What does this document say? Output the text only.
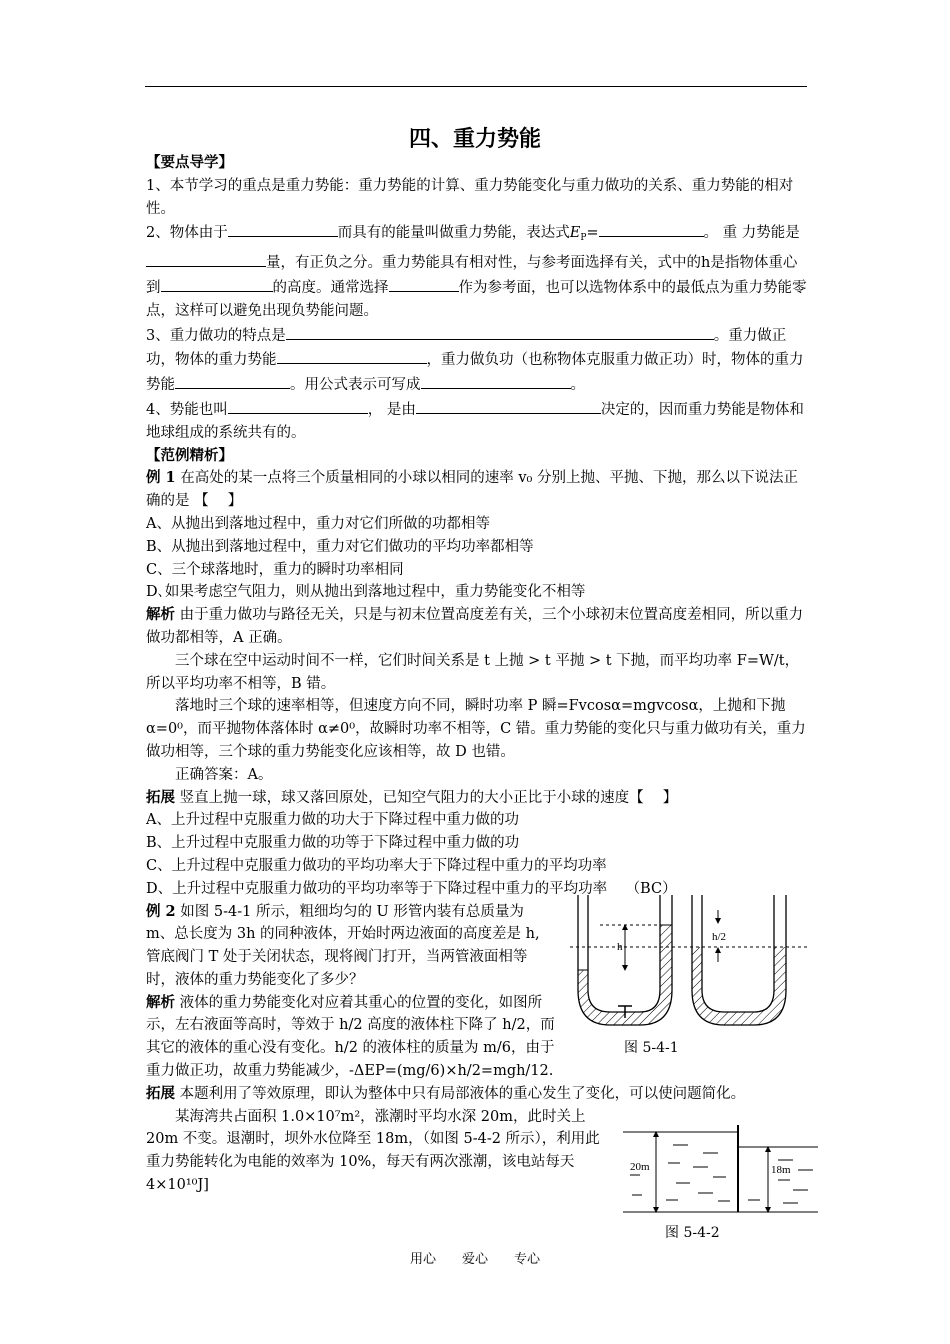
四、重力势能

【要点导学】

1、本节学习的重点是重力势能：重力势能的计算、重力势能变化与重力做功的关系、重力势能的相对性。

2、物体由于	而具有的能量叫做重力势能，表达式$E_P=$	。 重 力势能是量，有正负之分。重力势能具有相对性，与参考面选择有关，式中的h是指物体重心到	的高度。通常选择	作为参考面，也可以选物体系中的最低点为重力势能零点，这样可以避免出现负势能问题。

3、重力做功的特点是	。重力做正功，物体的重力势能	，重力做负功（也称物体克服重力做正功）时，物体的重力势能	。用公式表示可写成	。

4、势能也叫	， 是由	决定的，因而重力势能是物体和地球组成的系统共有的。

【范例精析】

例 1 在高处的某一点将三个质量相同的小球以相同的速率 v₀ 分别上抛、平抛、下抛，那么以下说法正确的是 【　 】

A、从抛出到落地过程中，重力对它们所做的功都相等

B、从抛出到落地过程中，重力对它们做功的平均功率都相等

C、三个球落地时，重力的瞬时功率相同

D､如果考虑空气阻力，则从抛出到落地过程中，重力势能变化不相等

解析 由于重力做功与路径无关，只是与初末位置高度差有关，三个小球初末位置高度差相同，所以重力做功都相等，A 正确。

三个球在空中运动时间不一样，它们时间关系是 t 上抛 > t 平抛 > t 下抛，而平均功率 F=W/t，所以平均功率不相等，B 错。

落地时三个球的速率相等，但速度方向不同，瞬时功率 P 瞬=Fvcosα=mgvcosα，上抛和下抛 α=0⁰，而平抛物体落体时 α≠0⁰，故瞬时功率不相等，C 错。重力势能的变化只与重力做功有关，重力做功相等，三个球的重力势能变化应该相等，故 D 也错。

正确答案：A。

拓展 竖直上抛一球，球又落回原处，已知空气阻力的大小正比于小球的速度【　 】

A、上升过程中克服重力做的功大于下降过程中重力做的功

B、上升过程中克服重力做的功等于下降过程中重力做的功

C、上升过程中克服重力做功的平均功率大于下降过程中重力的平均功率

D、上升过程中克服重力做功的平均功率等于下降过程中重力的平均功率 （BC）

例 2 如图 5-4-1 所示，粗细均匀的 U 形管内装有总质量为 m、总长度为 3h 的同种液体，开始时两边液面的高度差是 h, 管底阀门 T 处于关闭状态，现将阀门打开，当两管液面相等时，液体的重力势能变化了多少？

解析 液体的重力势能变化对应着其重心的位置的变化，如图所示，左右液面等高时，等效于 h/2 高度的液体柱下降了 h/2，而其它的液体的重心没有变化。h/2 的液体柱的质量为 m/6，由于重力做正功，故重力势能减少，-ΔEP=(mg/6)×h/2=mgh/12.

拓展 本题利用了等效原理，即认为整体中只有局部液体的重心发生了变化，可以使问题简化。

某海湾共占面积 1.0×10⁷m²，涨潮时平均水深 20m，此时关上

20m 不变。退潮时，坝外水位降至 18m，（如图 5-4-2 所示），利用此

重力势能转化为电能的效率为 10%，每天有两次涨潮，该电站每天

4×10¹⁰J]

h
h/2
图 5-4-1
20m	18m
图 5-4-2
用心　　爱心　　专心
